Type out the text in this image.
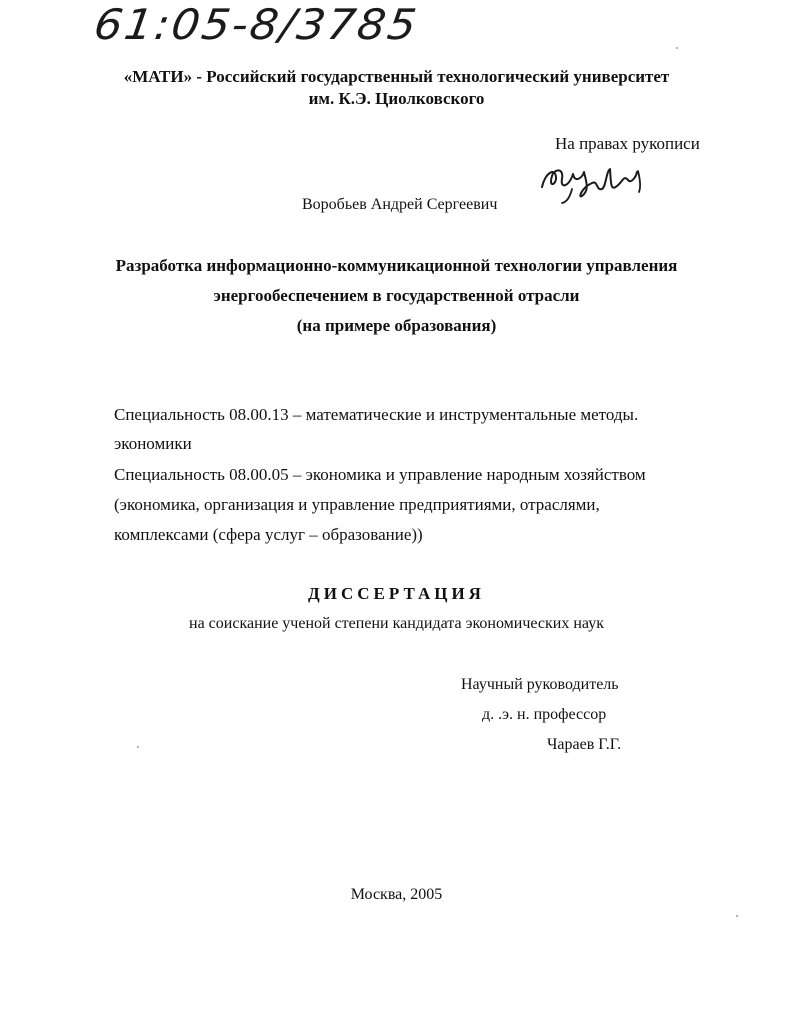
61:05-8/3785
«МАТИ» - Российский государственный технологический университет
им. К.Э. Циолковского
На правах рукописи
Воробьев Андрей Сергеевич
Разработка информационно-коммуникационной технологии управления
энергообеспечением в государственной отрасли
(на примере образования)
Специальность 08.00.13 – математические и инструментальные методы.
экономики
Специальность 08.00.05 – экономика и управление народным хозяйством
(экономика, организация и управление предприятиями, отраслями,
комплексами (сфера услуг – образование))
ДИССЕРТАЦИЯ
на соискание ученой степени кандидата экономических наук
Научный руководитель
д. .э. н. профессор
Чараев Г.Г.
Москва, 2005
